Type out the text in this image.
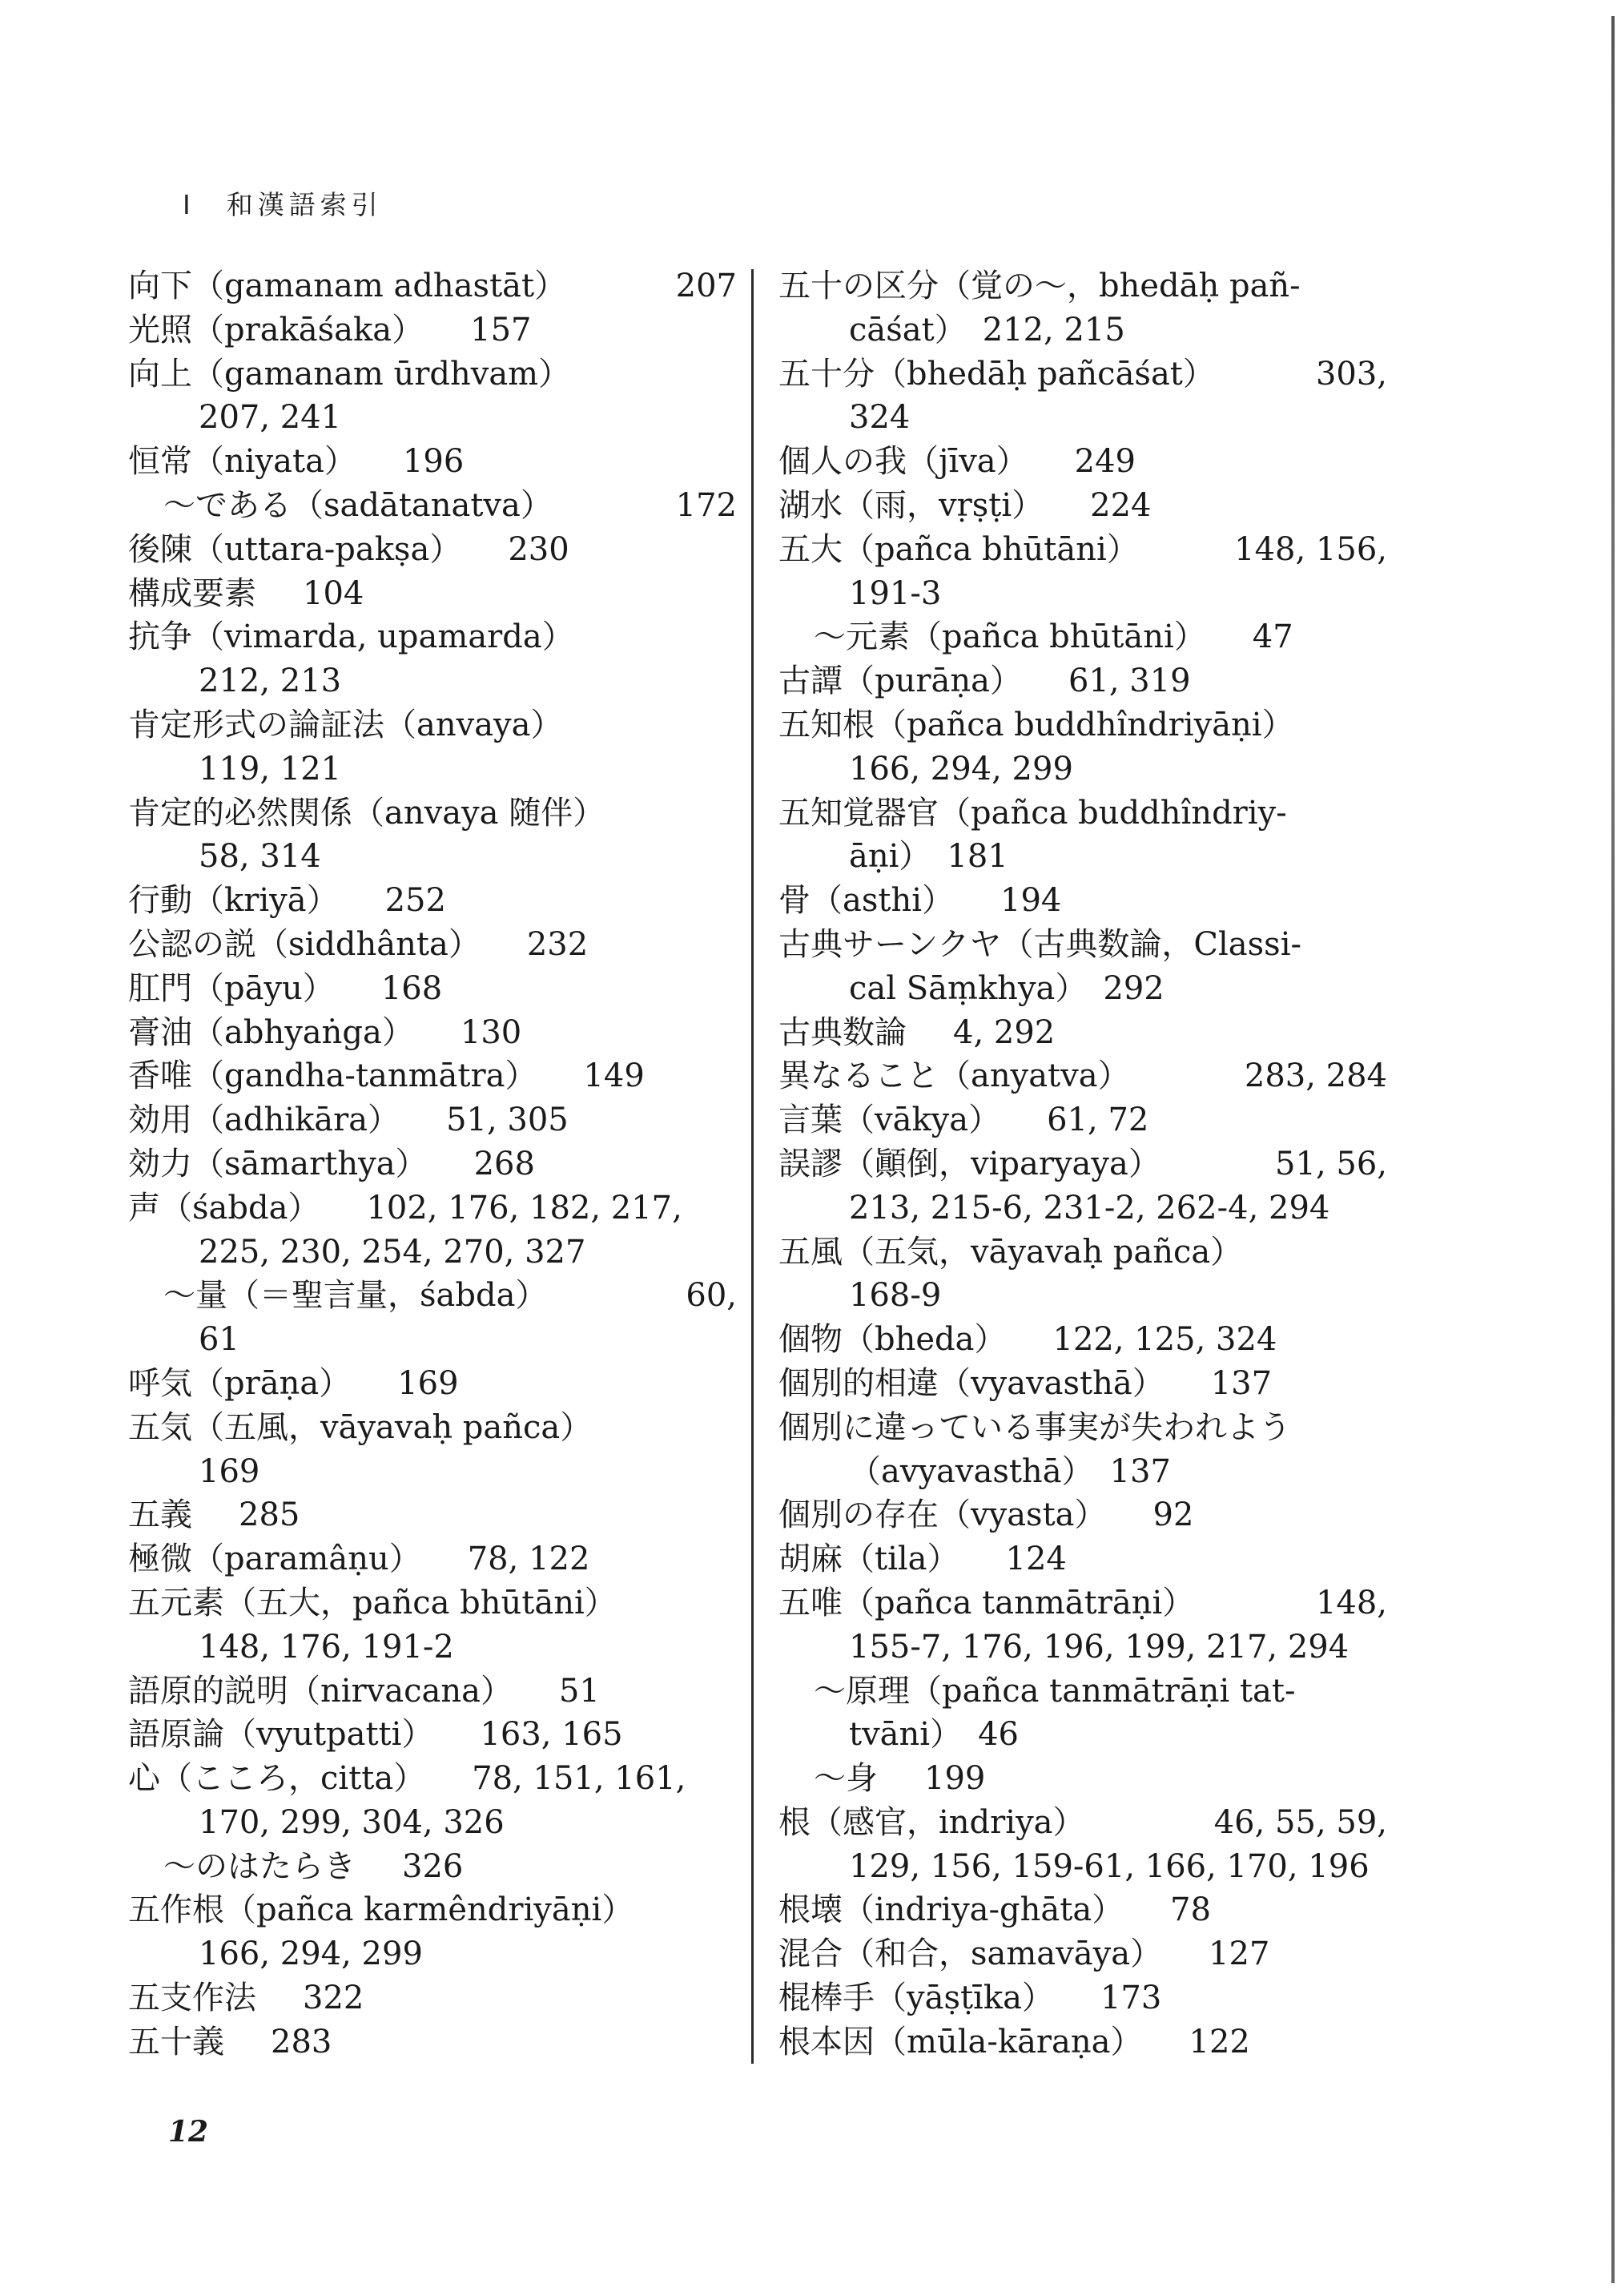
I　和漢語索引
向下（gamanam adhastāt）	207
光照（prakāśaka） 157
向上（gamanam ūrdhvam）
207, 241
恒常（niyata） 196
〜である（sadātanatva）	172
後陳（uttara-pakṣa） 230
構成要素 104
抗争（vimarda, upamarda）
212, 213
肯定形式の論証法（anvaya）
119, 121
肯定的必然関係（anvaya 随伴）
58, 314
行動（kriyā） 252
公認の説（siddhânta） 232
肛門（pāyu） 168
膏油（abhyaṅga） 130
香唯（gandha-tanmātra） 149
効用（adhikāra） 51, 305
効力（sāmarthya） 268
声（śabda） 102, 176, 182, 217,
225, 230, 254, 270, 327
〜量（＝聖言量，śabda）	60,
61
呼気（prāṇa） 169
五気（五風，vāyavaḥ pañca）
169
五義 285
極微（paramâṇu） 78, 122
五元素（五大，pañca bhūtāni）
148, 176, 191-2
語原的説明（nirvacana） 51
語原論（vyutpatti） 163, 165
心（こころ，citta） 78, 151, 161,
170, 299, 304, 326
〜のはたらき 326
五作根（pañca karmêndriyāṇi）
166, 294, 299
五支作法 322
五十義 283
五十の区分（覚の〜，bhedāḥ pañ-
cāśat）　212, 215
五十分（bhedāḥ pañcāśat）	303,
324
個人の我（jīva） 249
湖水（雨，vṛṣṭi） 224
五大（pañca bhūtāni）	148, 156,
191-3
〜元素（pañca bhūtāni） 47
古譚（purāṇa） 61, 319
五知根（pañca buddhîndriyāṇi）
166, 294, 299
五知覚器官（pañca buddhîndriy-
āṇi）　181
骨（asthi） 194
古典サーンクヤ（古典数論，Classi-
cal Sāṃkhya）　292
古典数論 4, 292
異なること（anyatva）	283, 284
言葉（vākya） 61, 72
誤謬（顚倒，viparyaya）	51, 56,
213, 215-6, 231-2, 262-4, 294
五風（五気，vāyavaḥ pañca）
168-9
個物（bheda） 122, 125, 324
個別的相違（vyavasthā） 137
個別に違っている事実が失われよう
（avyavasthā）　137
個別の存在（vyasta） 92
胡麻（tila） 124
五唯（pañca tanmātrāṇi）	148,
155-7, 176, 196, 199, 217, 294
〜原理（pañca tanmātrāṇi tat-
tvāni）　46
〜身 199
根（感官，indriya）	46, 55, 59,
129, 156, 159-61, 166, 170, 196
根壊（indriya-ghāta） 78
混合（和合，samavāya） 127
棍棒手（yāṣṭīka） 173
根本因（mūla-kāraṇa） 122
12
